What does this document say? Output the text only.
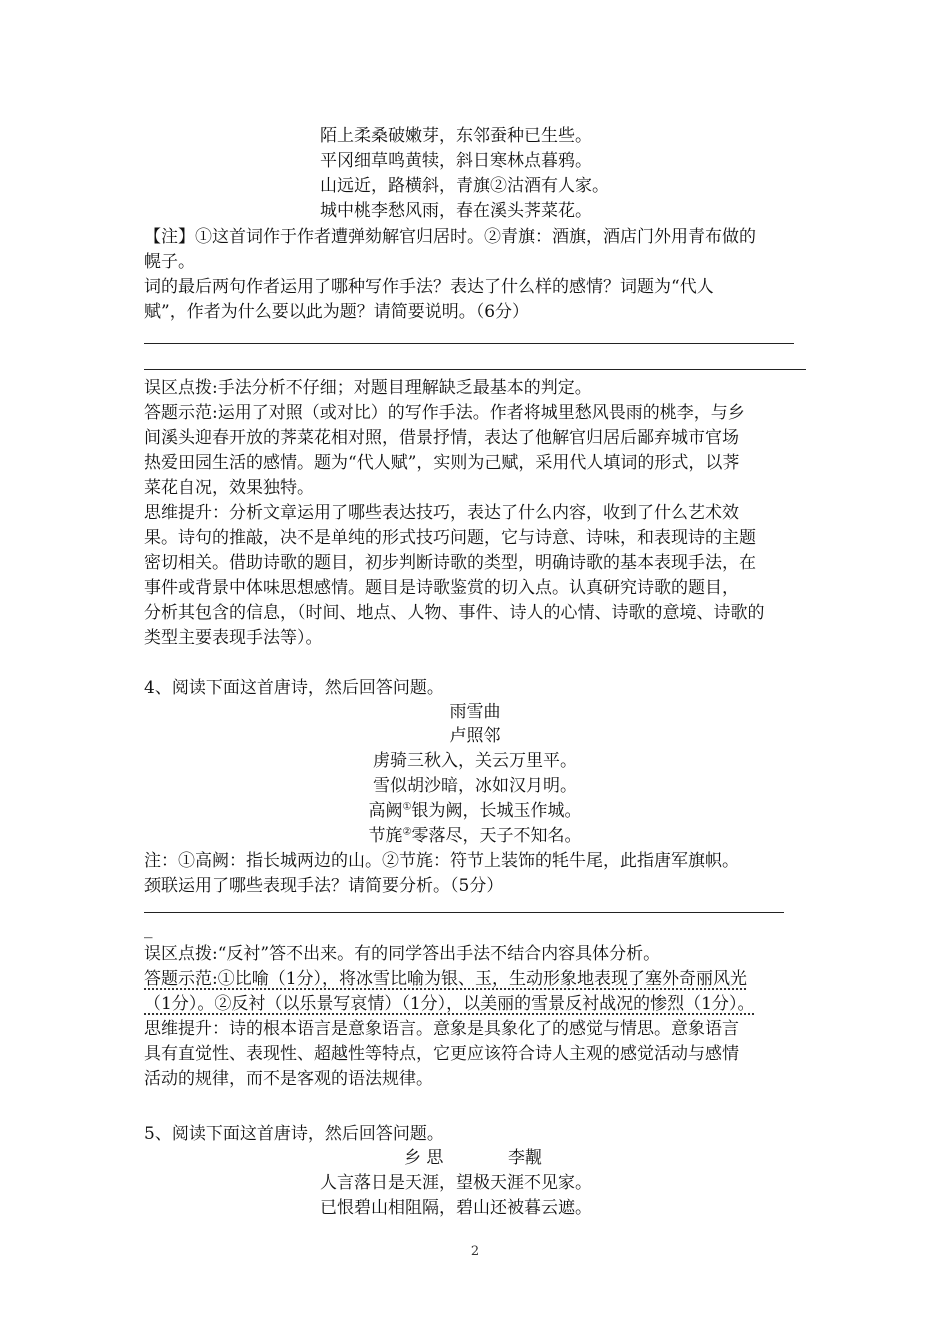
陌上柔桑破嫩芽，东邻蚕种已生些。
平冈细草鸣黄犊，斜日寒林点暮鸦。
山远近，路横斜，青旗②沽酒有人家。
城中桃李愁风雨，春在溪头荠菜花。
【注】①这首词作于作者遭弹劾解官归居时。②青旗：酒旗，酒店门外用青布做的
幌子。
词的最后两句作者运用了哪种写作手法？表达了什么样的感情？词题为“代人
赋”，作者为什么要以此为题？请简要说明。（6分）
误区点拨:手法分析不仔细；对题目理解缺乏最基本的判定。
答题示范:运用了对照（或对比）的写作手法。作者将城里愁风畏雨的桃李，与乡
间溪头迎春开放的荠菜花相对照，借景抒情，表达了他解官归居后鄙弃城市官场
热爱田园生活的感情。题为“代人赋”，实则为己赋，采用代人填词的形式，以荠
菜花自况，效果独特。
思维提升：分析文章运用了哪些表达技巧，表达了什么内容，收到了什么艺术效
果。诗句的推敲，决不是单纯的形式技巧问题，它与诗意、诗味，和表现诗的主题
密切相关。借助诗歌的题目，初步判断诗歌的类型，明确诗歌的基本表现手法，在
事件或背景中体味思想感情。题目是诗歌鉴赏的切入点。认真研究诗歌的题目，
分析其包含的信息，（时间、地点、人物、事件、诗人的心情、诗歌的意境、诗歌的
类型主要表现手法等）。
4、阅读下面这首唐诗，然后回答问题。
雨雪曲
卢照邻
虏骑三秋入，关云万里平。
雪似胡沙暗，冰如汉月明。
高阙①银为阙，长城玉作城。
节旄②零落尽，天子不知名。
注：①高阙：指长城两边的山。②节旄：符节上装饰的牦牛尾，此指唐军旗帜。
颈联运用了哪些表现手法？请简要分析。（5分）
_
误区点拨:“反衬”答不出来。有的同学答出手法不结合内容具体分析。
答题示范:①比喻（1分），将冰雪比喻为银、玉，生动形象地表现了塞外奇丽风光
（1分）。②反衬（以乐景写哀情）（1分），以美丽的雪景反衬战况的惨烈（1分）。
思维提升：诗的根本语言是意象语言。意象是具象化了的感觉与情思。意象语言
具有直觉性、表现性、超越性等特点，它更应该符合诗人主观的感觉活动与感情
活动的规律，而不是客观的语法规律。
5、阅读下面这首唐诗，然后回答问题。
乡 思	李觏
人言落日是天涯，望极天涯不见家。
已恨碧山相阻隔，碧山还被暮云遮。
2
